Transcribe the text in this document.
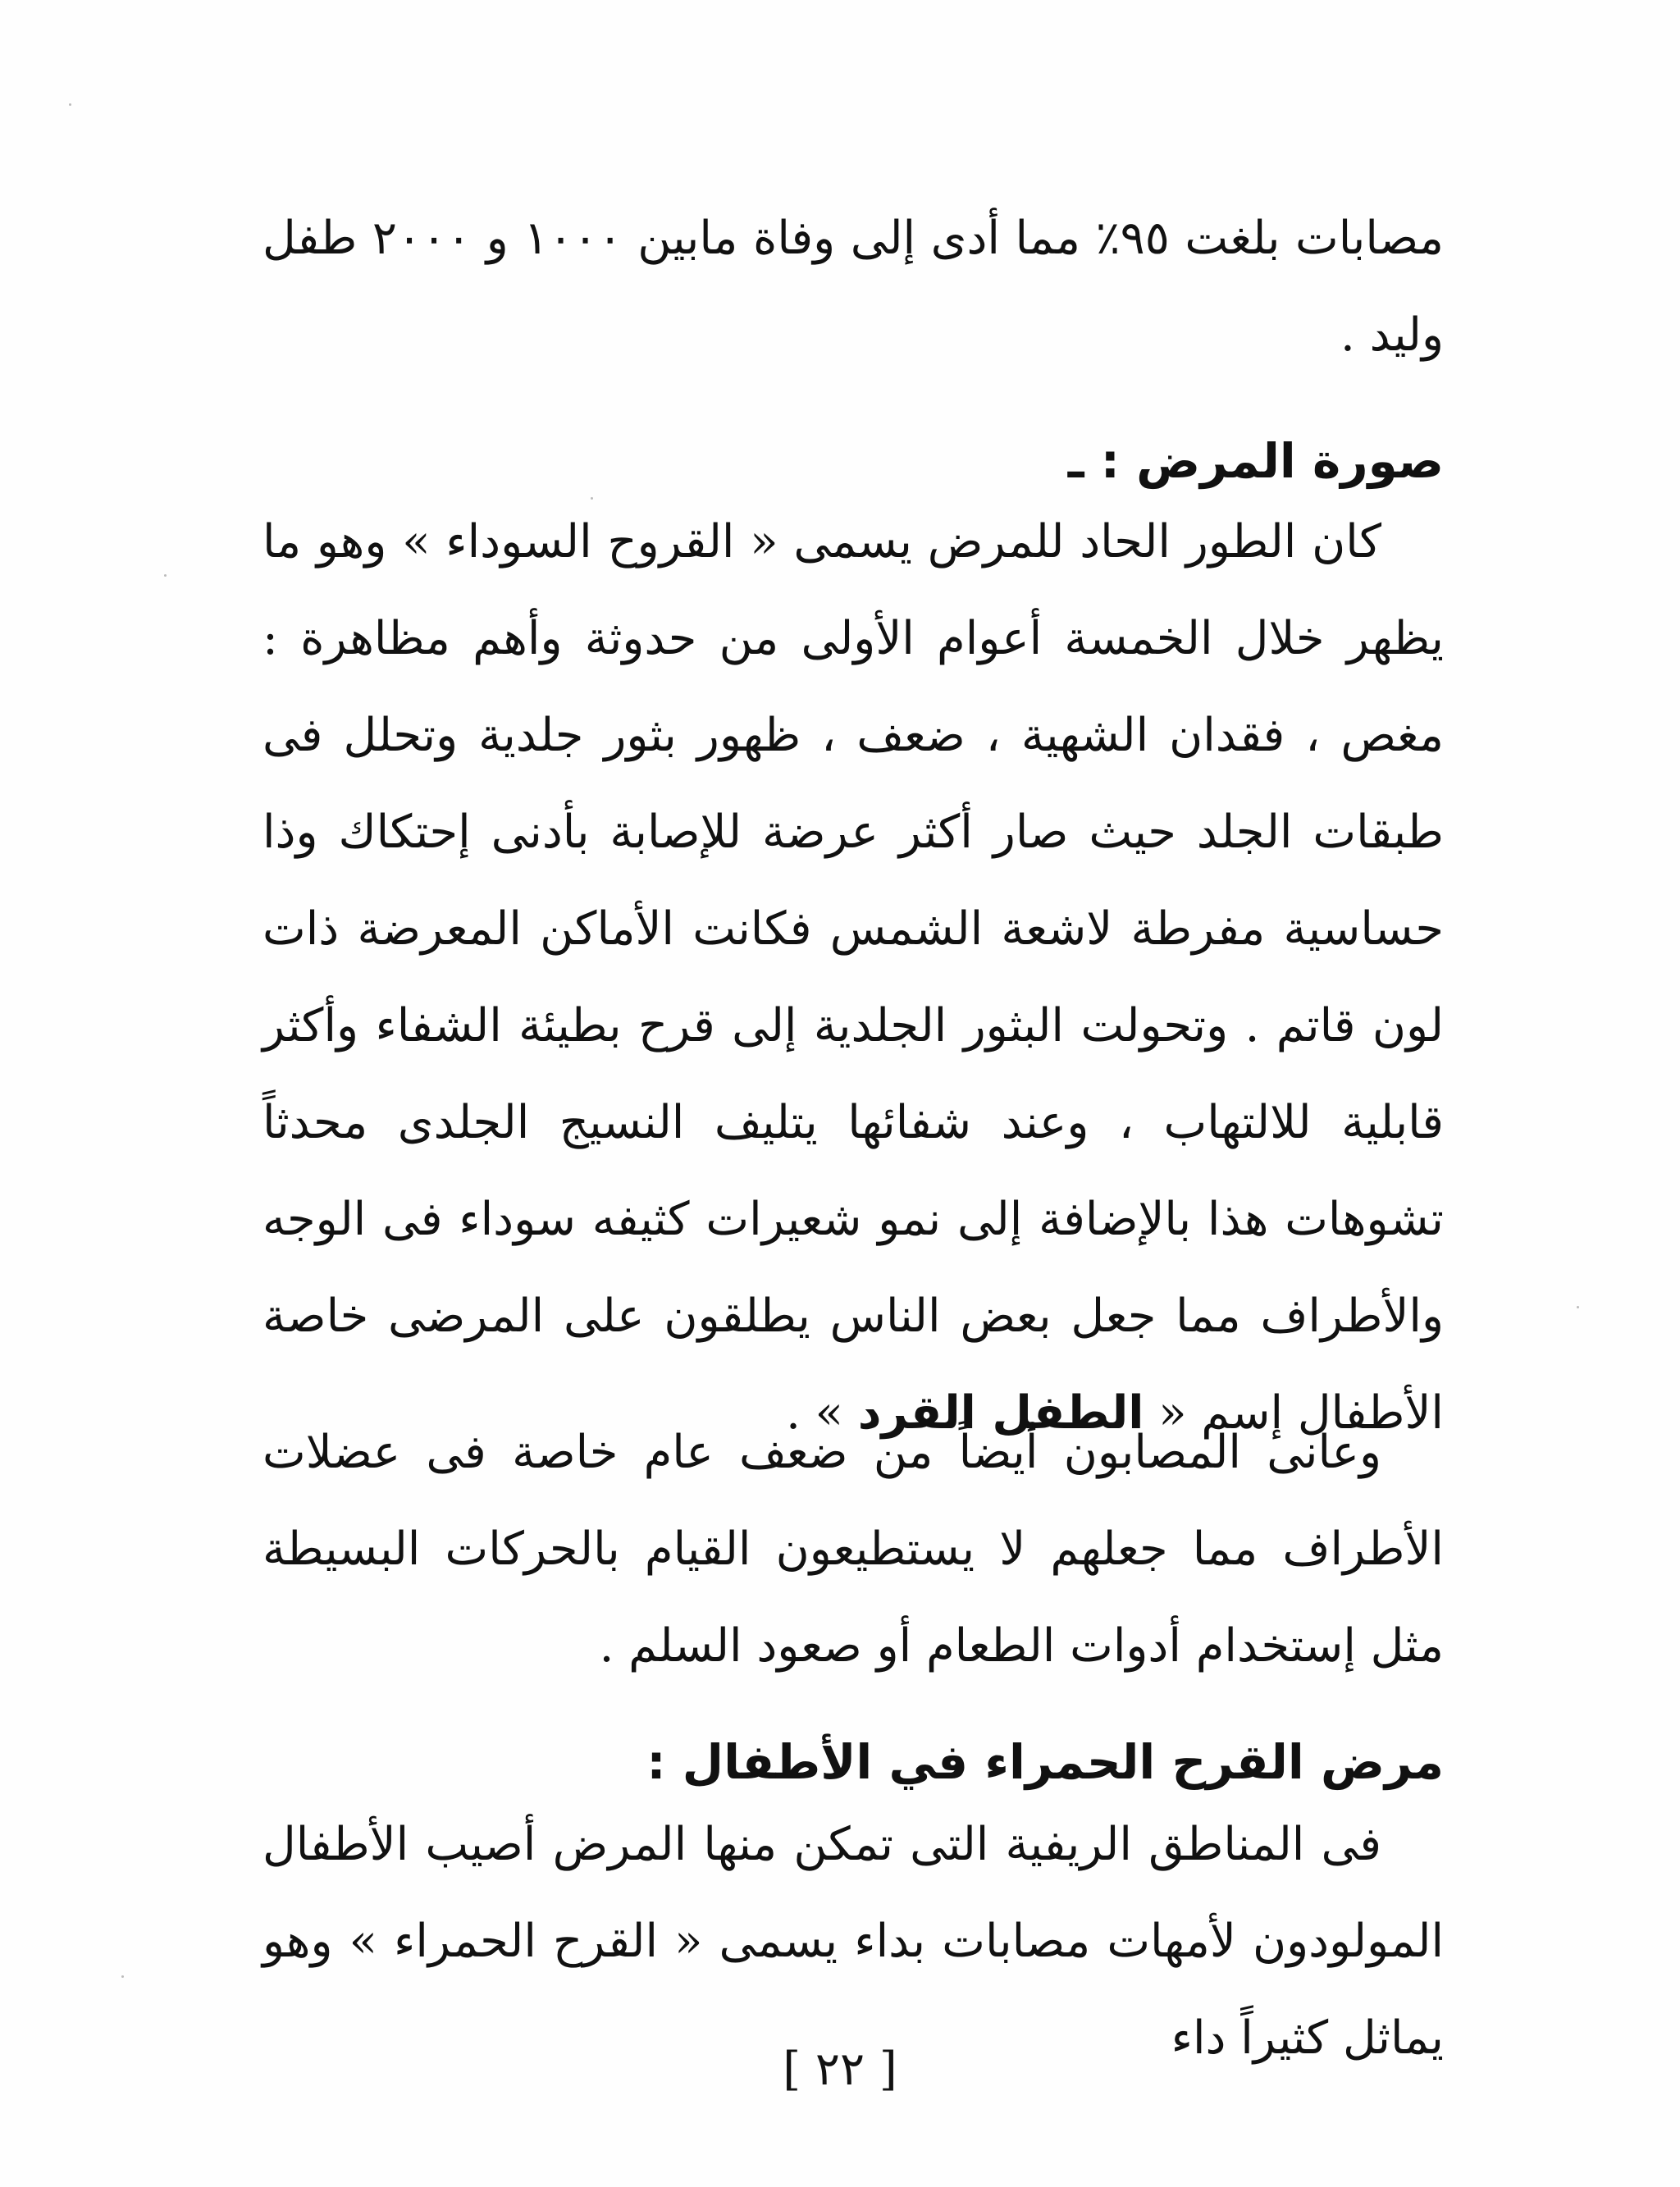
مصابات بلغت ٩٥٪ مما أدى إلى وفاة مابين ١٠٠٠ و ٢٠٠٠ طفل وليد .

صورة المرض : ـ

كان الطور الحاد للمرض يسمى « القروح السوداء » وهو ما يظهر خلال الخمسة أعوام الأولى من حدوثة وأهم مظاهرة : مغص ، فقدان الشهية ، ضعف ، ظهور بثور جلدية وتحلل فى طبقات الجلد حيث صار أكثر عرضة للإصابة بأدنى إحتكاك وذا حساسية مفرطة لاشعة الشمس فكانت الأماكن المعرضة ذات لون قاتم . وتحولت البثور الجلدية إلى قرح بطيئة الشفاء وأكثر قابلية للالتهاب ، وعند شفائها يتليف النسيج الجلدى محدثاً تشوهات هذا بالإضافة إلى نمو شعيرات كثيفه سوداء فى الوجه والأطراف مما جعل بعض الناس يطلقون على المرضى خاصة الأطفال إسم « الطفل القرد » .

وعانى المصابون أيضاً من ضعف عام خاصة فى عضلات الأطراف مما جعلهم لا يستطيعون القيام بالحركات البسيطة مثل إستخدام أدوات الطعام أو صعود السلم .

مرض القرح الحمراء في الأطفال :

فى المناطق الريفية التى تمكن منها المرض أصيب الأطفال المولودون لأمهات مصابات بداء يسمى « القرح الحمراء » وهو يماثل كثيراً داء

[ ٢٢ ]
